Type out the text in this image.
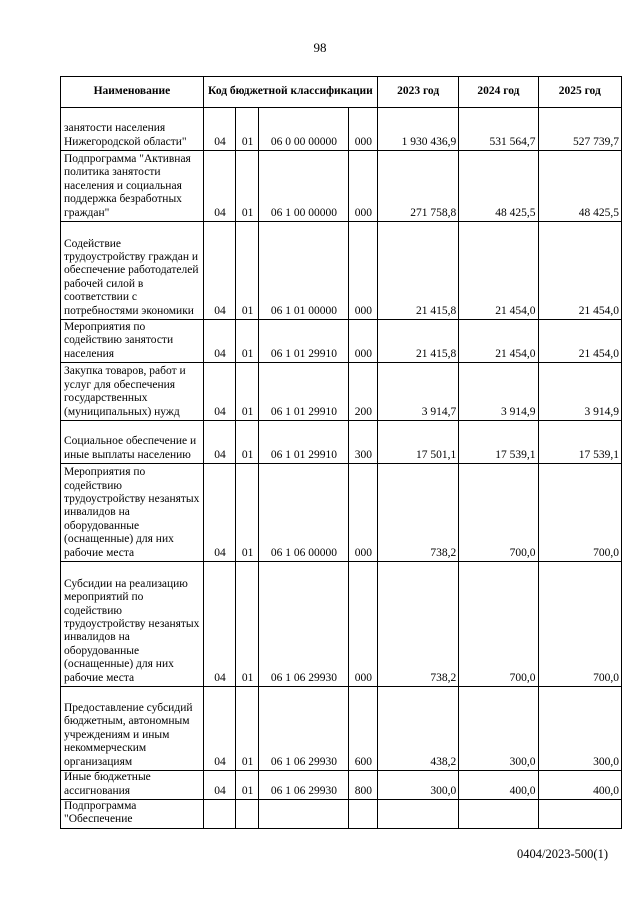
98
Наименование	Код бюджетной классификации				2023 год	2024 год	2025 год
занятости населения Нижегородской области"	04	01	06 0 00 00000	000	1 930 436,9	531 564,7	527 739,7
Подпрограмма "Активная политика занятости населения и социальная поддержка безработных граждан"	04	01	06 1 00 00000	000	271 758,8	48 425,5	48 425,5
Содействие трудоустройству граждан и обеспечение работодателей рабочей силой в соответствии с потребностями экономики	04	01	06 1 01 00000	000	21 415,8	21 454,0	21 454,0
Мероприятия по содействию занятости населения	04	01	06 1 01 29910	000	21 415,8	21 454,0	21 454,0
Закупка товаров, работ и услуг для обеспечения государственных (муниципальных) нужд	04	01	06 1 01 29910	200	3 914,7	3 914,9	3 914,9
Социальное обеспечение и иные выплаты населению	04	01	06 1 01 29910	300	17 501,1	17 539,1	17 539,1
Мероприятия по содействию трудоустройству незанятых инвалидов на оборудованные (оснащенные) для них рабочие места	04	01	06 1 06 00000	000	738,2	700,0	700,0
Субсидии на реализацию мероприятий по содействию трудоустройству незанятых инвалидов на оборудованные (оснащенные) для них рабочие места	04	01	06 1 06 29930	000	738,2	700,0	700,0
Предоставление субсидий бюджетным, автономным учреждениям и иным некоммерческим организациям	04	01	06 1 06 29930	600	438,2	300,0	300,0
Иные бюджетные ассигнования	04	01	06 1 06 29930	800	300,0	400,0	400,0
Подпрограмма "Обеспечение							
0404/2023-500(1)
